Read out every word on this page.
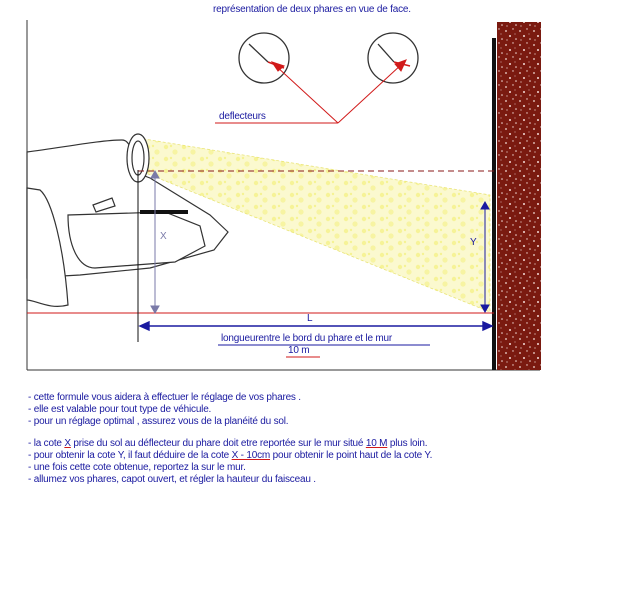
représentation de deux phares en vue de face.
deflecteurs
X
Y
L
longueurentre le bord du phare et le mur
10 m
- cette formule vous aidera à effectuer le réglage de vos phares .
- elle est valable pour tout type de véhicule.
- pour un réglage optimal , assurez vous de la planéité du sol.
- la cote X prise du sol au déflecteur du phare doit etre reportée sur le mur situé 10 M plus loin.
- pour obtenir la cote Y, il faut déduire de la cote X - 10cm pour obtenir le point haut de la cote Y.
- une fois cette cote obtenue, reportez la sur le mur.
- allumez vos phares, capot ouvert, et régler la hauteur du faisceau .
